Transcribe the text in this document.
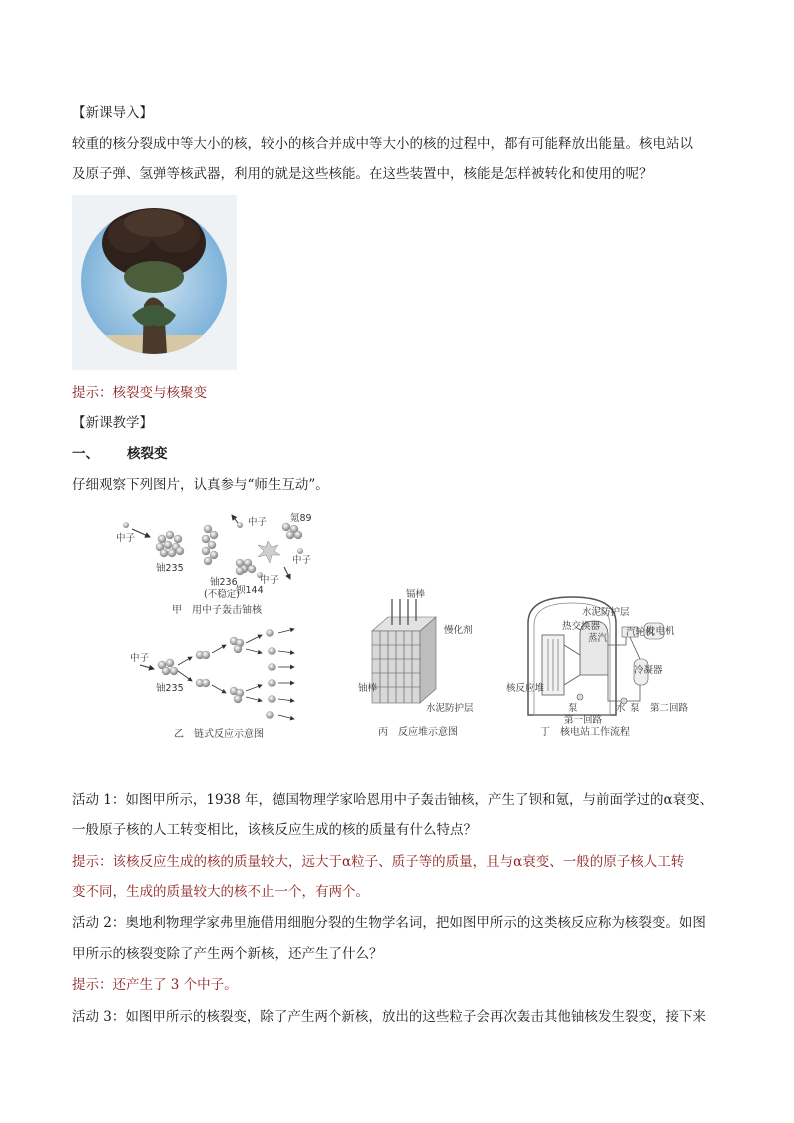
【新课导入】
较重的核分裂成中等大小的核，较小的核合并成中等大小的核的过程中，都有可能释放出能量。核电站以
及原子弹、氢弹等核武器，利用的就是这些核能。在这些装置中，核能是怎样被转化和使用的呢？
提示：核裂变与核聚变
【新课教学】
一、 核裂变
仔细观察下列图片，认真参与“师生互动”。
中子
铀235
铀236
(不稳定)
中子 氪89
中子
中子
钡144
甲　用中子轰击铀核
中子
铀235
乙　链式反应示意图
镉棒
慢化剂
铀棒
水泥防护层
丙　反应堆示意图
蒸汽
汽轮机
发电机
冷凝器
水泥防护层
热交换器
核反应堆
泵
第一回路
水 泵 第二回路
丁　核电站工作流程
活动 1：如图甲所示，1938 年，德国物理学家哈恩用中子轰击铀核，产生了钡和氪，与前面学过的α衰变、
一般原子核的人工转变相比，该核反应生成的核的质量有什么特点？
提示：该核反应生成的核的质量较大，远大于α粒子、质子等的质量，且与α衰变、一般的原子核人工转
变不同，生成的质量较大的核不止一个，有两个。
活动 2：奥地利物理学家弗里施借用细胞分裂的生物学名词，把如图甲所示的这类核反应称为核裂变。如图
甲所示的核裂变除了产生两个新核，还产生了什么？
提示：还产生了 3 个中子。
活动 3：如图甲所示的核裂变，除了产生两个新核，放出的这些粒子会再次轰击其他铀核发生裂变，接下来
